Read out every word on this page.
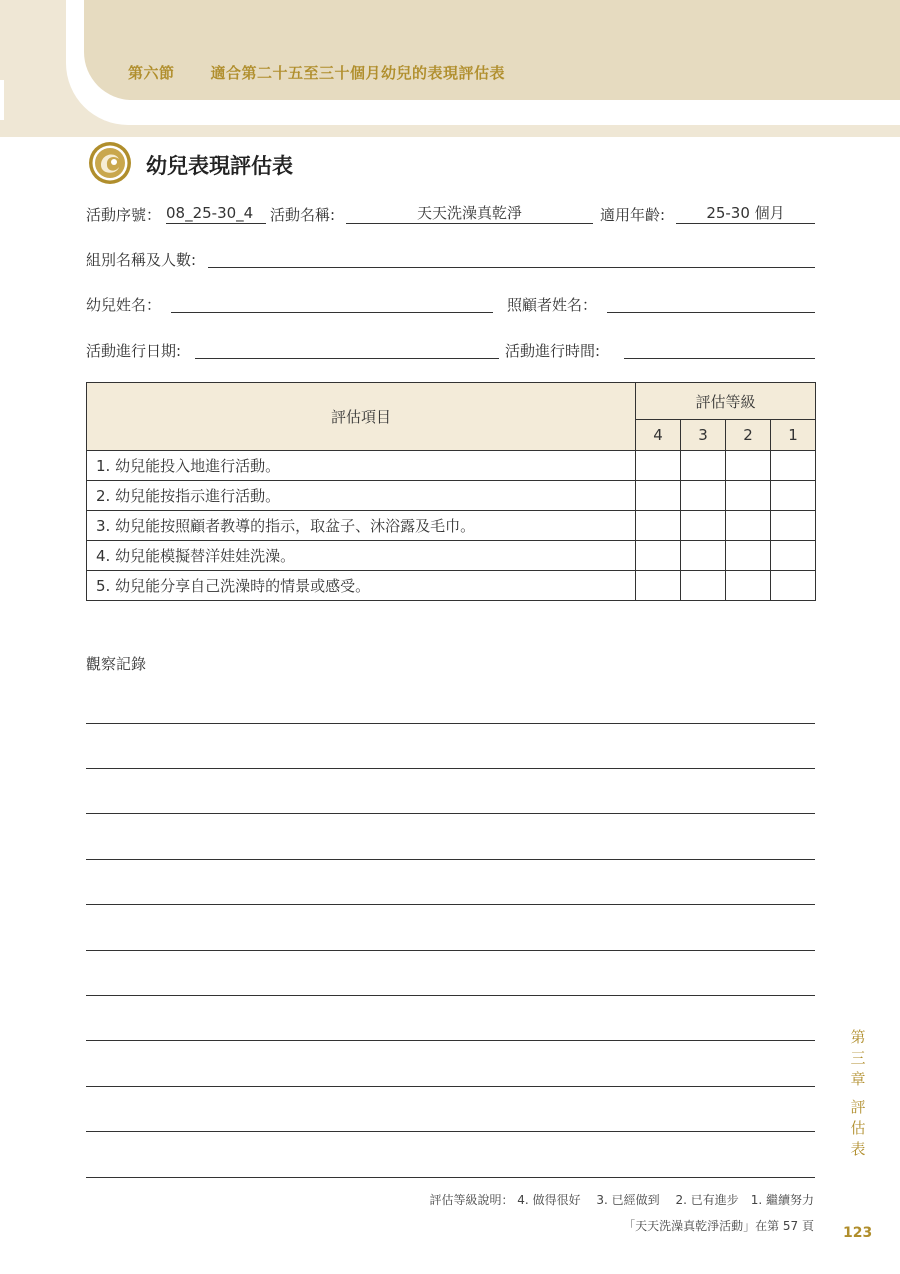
第六節 適合第二十五至三十個月幼兒的表現評估表
幼兒表現評估表
活動序號： 08_25-30_4	活動名稱:	天天洗澡真乾淨	適用年齡:	25-30 個月
組別名稱及人數:
幼兒姓名：	照顧者姓名：
活動進行日期:	活動進行時間:
評估項目	評估等級			
	4	3	2	1
1. 幼兒能投入地進行活動。				
2. 幼兒能按指示進行活動。				
3. 幼兒能按照顧者教導的指示，取盆子、沐浴露及毛巾。				
4. 幼兒能模擬替洋娃娃洗澡。				
5. 幼兒能分享自己洗澡時的情景或感受。				
觀察記錄
第
三
章
評
估
表
評估等級說明： 4. 做得很好　 3. 已經做到　 2. 已有進步　1. 繼續努力
「天天洗澡真乾淨活動」在第 57 頁 123
